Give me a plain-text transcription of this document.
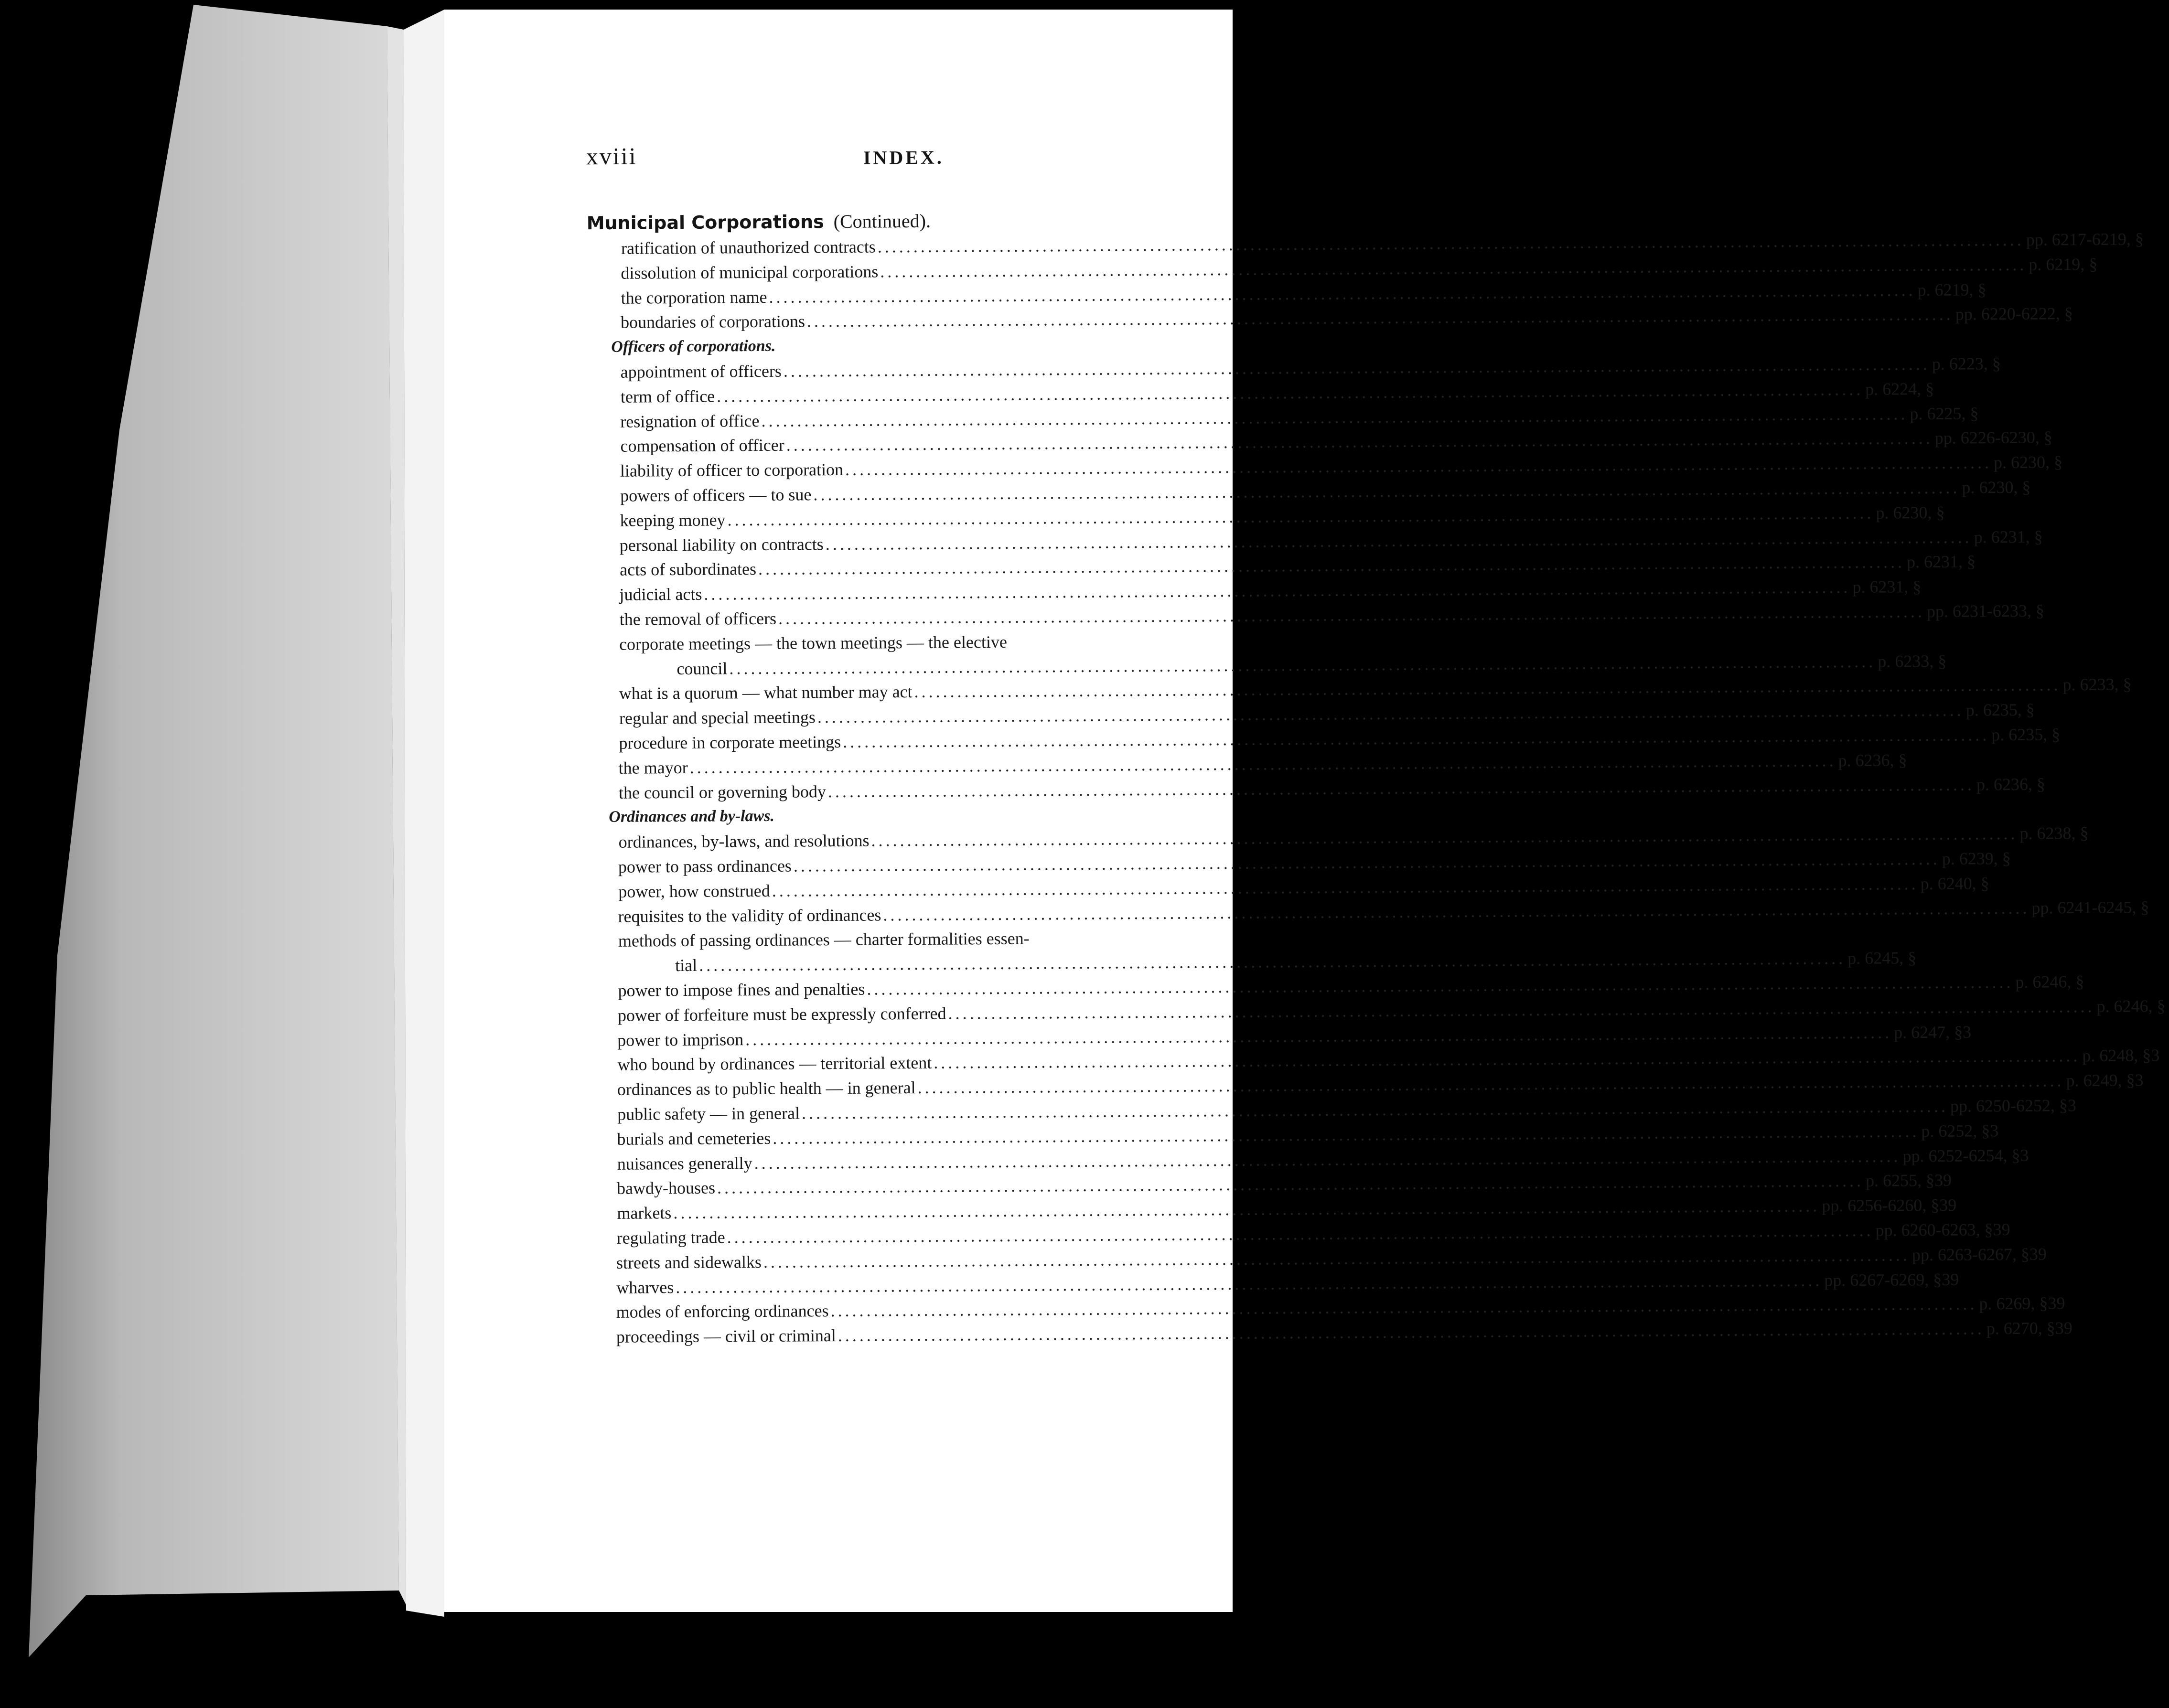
xviii	INDEX.
Municipal Corporations (Continued).
ratification of unauthorized contracts ................................................................................................................................................................ pp. 6217-6219, §
dissolution of municipal corporations ................................................................................................................................................................ p. 6219, §
the corporation name ................................................................................................................................................................ p. 6219, §
boundaries of corporations ................................................................................................................................................................ pp. 6220-6222, §
Officers of corporations.
appointment of officers ................................................................................................................................................................ p. 6223, §
term of office ................................................................................................................................................................ p. 6224, §
resignation of office ................................................................................................................................................................ p. 6225, §
compensation of officer ................................................................................................................................................................ pp. 6226-6230, §
liability of officer to corporation ................................................................................................................................................................ p. 6230, §
powers of officers — to sue ................................................................................................................................................................ p. 6230, §
keeping money ................................................................................................................................................................ p. 6230, §
personal liability on contracts ................................................................................................................................................................ p. 6231, §
acts of subordinates ................................................................................................................................................................ p. 6231, §
judicial acts ................................................................................................................................................................ p. 6231, §
the removal of officers ................................................................................................................................................................ pp. 6231-6233, §
corporate meetings — the town meetings — the elective
council ................................................................................................................................................................ p. 6233, §
what is a quorum — what number may act ................................................................................................................................................................ p. 6233, §
regular and special meetings ................................................................................................................................................................ p. 6235, §
procedure in corporate meetings ................................................................................................................................................................ p. 6235, §
the mayor ................................................................................................................................................................ p. 6236, §
the council or governing body ................................................................................................................................................................ p. 6236, §
Ordinances and by-laws.
ordinances, by-laws, and resolutions ................................................................................................................................................................ p. 6238, §
power to pass ordinances ................................................................................................................................................................ p. 6239, §
power, how construed ................................................................................................................................................................ p. 6240, §
requisites to the validity of ordinances ................................................................................................................................................................ pp. 6241-6245, §
methods of passing ordinances — charter formalities essen-
tial ................................................................................................................................................................ p. 6245, §
power to impose fines and penalties ................................................................................................................................................................ p. 6246, §
power of forfeiture must be expressly conferred ................................................................................................................................................................ p. 6246, §
power to imprison ................................................................................................................................................................ p. 6247, §3
who bound by ordinances — territorial extent ................................................................................................................................................................ p. 6248, §3
ordinances as to public health — in general ................................................................................................................................................................ p. 6249, §3
public safety — in general ................................................................................................................................................................ pp. 6250-6252, §3
burials and cemeteries ................................................................................................................................................................ p. 6252, §3
nuisances generally ................................................................................................................................................................ pp. 6252-6254, §3
bawdy-houses ................................................................................................................................................................ p. 6255, §39
markets ................................................................................................................................................................ pp. 6256-6260, §39
regulating trade ................................................................................................................................................................ pp. 6260-6263, §39
streets and sidewalks ................................................................................................................................................................ pp. 6263-6267, §39
wharves ................................................................................................................................................................ pp. 6267-6269, §39
modes of enforcing ordinances ................................................................................................................................................................ p. 6269, §39
proceedings — civil or criminal ................................................................................................................................................................ p. 6270, §39
